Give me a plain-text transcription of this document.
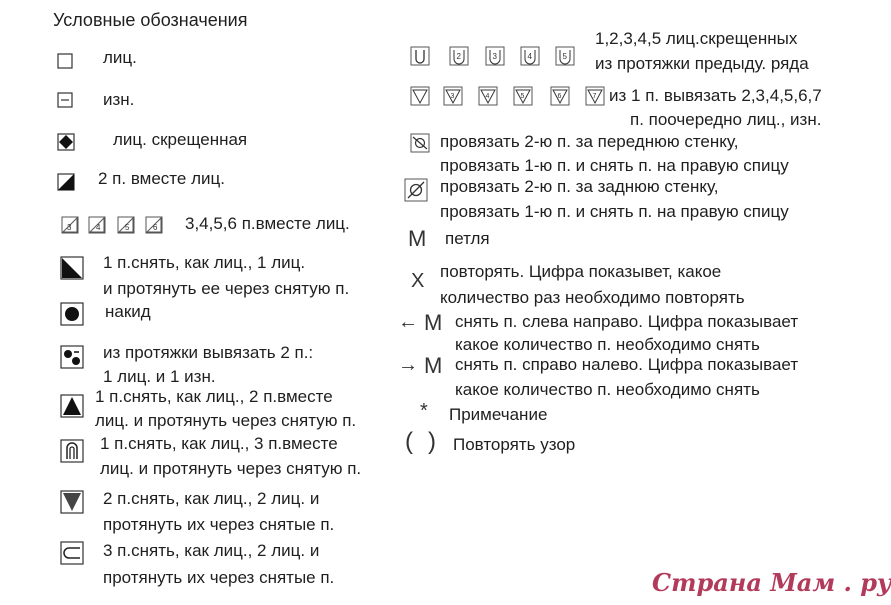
Условные обозначения
лиц.
изн.
лиц. скрещенная
2 п. вместе лиц.
3	4	5	6 3,4,5,6 п.вместе лиц.
1 п.снять, как лиц., 1 лиц.
и протянуть ее через снятую п.
накид
из протяжки вывязать 2 п.:
1 лиц. и 1 изн.
1 п.снять, как лиц., 2 п.вместе
лиц. и протянуть через снятую п.
1 п.снять, как лиц., 3 п.вместе
лиц. и протянуть через снятую п.
2 п.снять, как лиц., 2 лиц. и
протянуть их через снятые п.
3 п.снять, как лиц., 2 лиц. и
протянуть их через снятые п.
2	3	4	5
1,2,3,4,5 лиц.скрещенных
из протяжки предыду. ряда
3	4	5	6	7 из 1 п. вывязать 2,3,4,5,6,7
п. поочередно лиц., изн.
провязать 2-ю п. за переднюю стенку,
провязать 1-ю п. и снять п. на правую спицу
провязать 2-ю п. за заднюю стенку,
провязать 1-ю п. и снять п. на правую спицу
M петля
X повторять. Цифра показывет, какое
количество раз необходимо повторять
← M снять п. слева направо. Цифра показывает
какое количество п. необходимо снять
→ M снять п. справо налево. Цифра показывает
какое количество п. необходимо снять
* Примечание
( ) Повторять узор
Страна Мам . ру
